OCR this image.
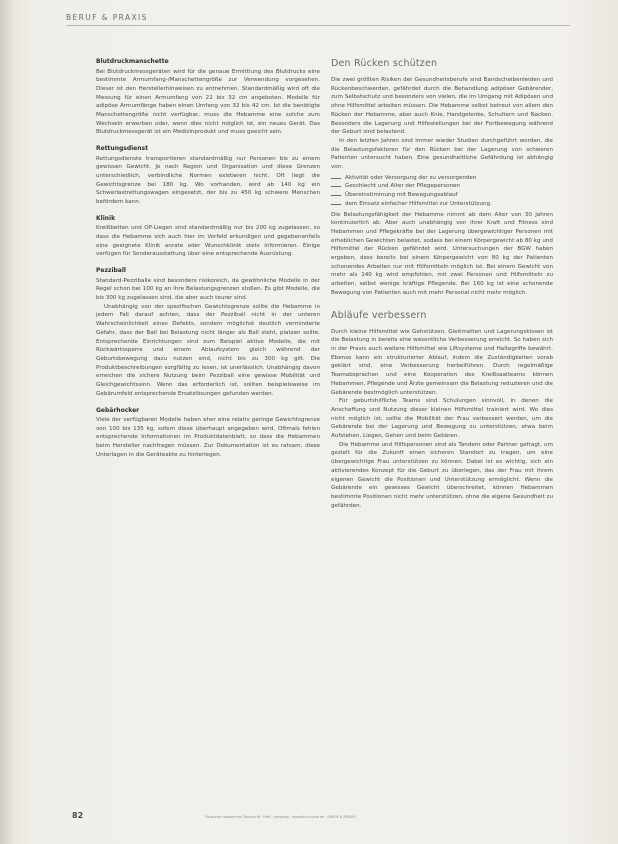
BERUF & PRAXIS
Blutdruckmanschette

Bei Blutdruckmessgeräten wird für die genaue Ermittlung des Blutdrucks eine bestimmte Armumfang-/Manschettengröße zur Verwendung vorgesehen. Dieser ist den Herstellerhinweisen zu entnehmen. Standardmäßig wird oft die Messung für einen Armumfang von 22 bis 32 cm angeboten. Modelle für adipöse Armumfänge haben einen Umfang von 32 bis 42 cm. Ist die benötigte Manschettengröße nicht verfügbar, muss die Hebamme eine solche zum Wechseln erwerben oder, wenn dies nicht möglich ist, ein neues Gerät. Das Blutdruckmessgerät ist ein Medizinprodukt und muss geeicht sein.

Rettungsdienst

Rettungsdienste transportieren standardmäßig nur Personen bis zu einem gewissen Gewicht. Je nach Region und Organisation und diese Grenzen unterschiedlich, verbindliche Normen existieren nicht. Oft liegt die Gewichtsgrenze bei 180 kg. Wo vorhanden, wird ab 140 kg ein Schwerlastrettungswagen eingesetzt, der bis zu 450 kg schwere Menschen befördern kann.

Klinik

Kreißbetten und OP-Liegen sind standardmäßig nur bis 200 kg zugelassen, so dass die Hebamme sich auch hier im Vorfeld erkundigen und gegebenenfalls eine geeignete Klinik anrate oder Wunschklinik stets informieren. Einige verfügen für Sonderausstattung über eine entsprechende Ausrüstung.

Pezziball

Standard-Pezziballe sind besonders risikoreich, da gewöhnliche Modelle in der Regel schon bei 100 kg an ihre Belastungsgrenzen stoßen. Es gibt Modelle, die bis 300 kg zugelassen sind, die aber auch teurer sind.

Unabhängig von der spezifischen Gewichtsgrenze sollte die Hebamme in jedem Fall darauf achten, dass der Pezziball nicht in der unteren Wahrscheinlichkeit eines Defekts, sondern möglichst deutlich verminderte Gefahr, dass der Ball bei Belastung nicht länger als Ball steht, platzen sollte. Entsprechende Einrichtungen sind zum Beispiel aktive Modelle, die mit Rückwärtssperre und einem Ablaufsystem gleich während der Geburtsbewegung dazu nutzen sind, nicht bis zu 300 kg gilt. Die Produktbeschreibungen sorgfältig zu lesen, ist unerlässlich. Unabhängig davon erreichen die sichere Nutzung beim Pezziball eine gewisse Mobilität und Gleichgewichtssinn. Wenn das erforderlich ist, sollten beispielsweise im Gebärumfeld entsprechende Ersatzlösungen gefunden werden.

Gebärhocker

Viele der verfügbaren Modelle haben eher eine relativ geringe Gewichtsgrenze von 100 bis 135 kg, sofern diese überhaupt angegeben wird. Oftmals fehlen entsprechende Informationen im Produktdatenblatt, so dass die Hebammen beim Hersteller nachfragen müssen. Zur Dokumentation ist es ratsam, diese Unterlagen in die Geräteakte zu hinterlegen.

Den Rücken schützen

Die zwei größten Risiken der Gesundheitsberufe sind Bandscheibenleiden und Rückenbeschwerden, gefährdet durch die Behandlung adipöser Gebärender, zum Selbstschutz und besonders von vielen, die im Umgang mit Adipösen und ohne Hilfsmittel arbeiten müssen. Die Hebamme selbst betreut von allem den Rücken der Hebamme, aber auch Knie, Handgelenke, Schultern und Nacken. Besonders die Lagerung und Hilfestellungen bei der Fortbewegung während der Geburt sind belastend.

In den letzten Jahren sind immer wieder Studien durchgeführt worden, die die Belastungsfaktoren für den Rücken bei der Lagerung von schweren Patienten untersucht haben. Eine gesundheitliche Gefährdung ist abhängig von:

Aktivität oder Versorgung der zu versorgenden
Geschlecht und Alter der Pflegepersonen
Übereinstimmung mit Bewegungsablauf
dem Einsatz einfacher Hilfsmittel zur Unterstützung.

Die Belastungsfähigkeit der Hebamme nimmt ab dem Alter von 30 Jahren kontinuierlich ab. Aber auch unabhängig von ihrer Kraft und Fitness sind Hebammen und Pflegekräfte bei der Lagerung übergewichtiger Personen mit erheblichen Gewichten belastet, sodass bei einem Körpergewicht ab 80 kg und Hilfsmittel der Rücken gefährdet wird. Untersuchungen der BGW haben ergeben, dass bereits bei einem Körpergewicht von 80 kg der Patienten schonendes Arbeiten nur mit Hilfsmitteln möglich ist. Bei einem Gewicht von mehr als 140 kg wird empfohlen, mit zwei Personen und Hilfsmitteln zu arbeiten, selbst wenige kräftige Pflegende. Bei 160 kg ist eine schonende Bewegung von Patienten auch mit mehr Personal nicht mehr möglich.

Abläufe verbessern

Durch kleine Hilfsmittel wie Gehstützen, Gleitmatten und Lagerungskissen ist die Belastung in bereits eine wesentliche Verbesserung erreicht. So haben sich in der Praxis auch weitere Hilfsmittel wie Liftsysteme und Haltegriffe bewährt. Ebenso kann ein strukturierter Ablauf, indem die Zuständigkeiten vorab geklärt sind, eine Verbesserung herbeiführen. Durch regelmäßige Teamabsprachen und eine Kooperation des Kreißsaalteams können Hebammen, Pflegende und Ärzte gemeinsam die Belastung reduzieren und die Gebärende bestmöglich unterstützen.

Für geburtshilfliche Teams sind Schulungen sinnvoll, in denen die Anschaffung und Nutzung dieser kleinen Hilfsmittel trainiert wird. Wo dies nicht möglich ist, sollte die Mobilität der Frau verbessert werden, um die Gebärende bei der Lagerung und Bewegung zu unterstützen, etwa beim Aufstehen, Liegen, Gehen und beim Gebären.

Die Hebamme und Hilfspersonen sind als Tandem oder Partner gefragt, um gezielt für die Zukunft einen sicheren Standort zu tragen, um eine übergewichtige Frau unterstützen zu können. Dabei ist es wichtig, sich ein aktivierendes Konzept für die Geburt zu überlegen, das der Frau mit ihrem eigenen Gewicht die Positionen und Unterstützung ermöglicht. Wenn die Gebärende ein gewisses Gewicht überschreitet, können Hebammen bestimmte Positionen nicht mehr unterstützen, ohne die eigene Gesundheit zu gefährden.

82	Deutsche Hebammen Zeitschrift · Heft · Jahrgang · www.dhz-online.de · BERUF & PRAXIS
